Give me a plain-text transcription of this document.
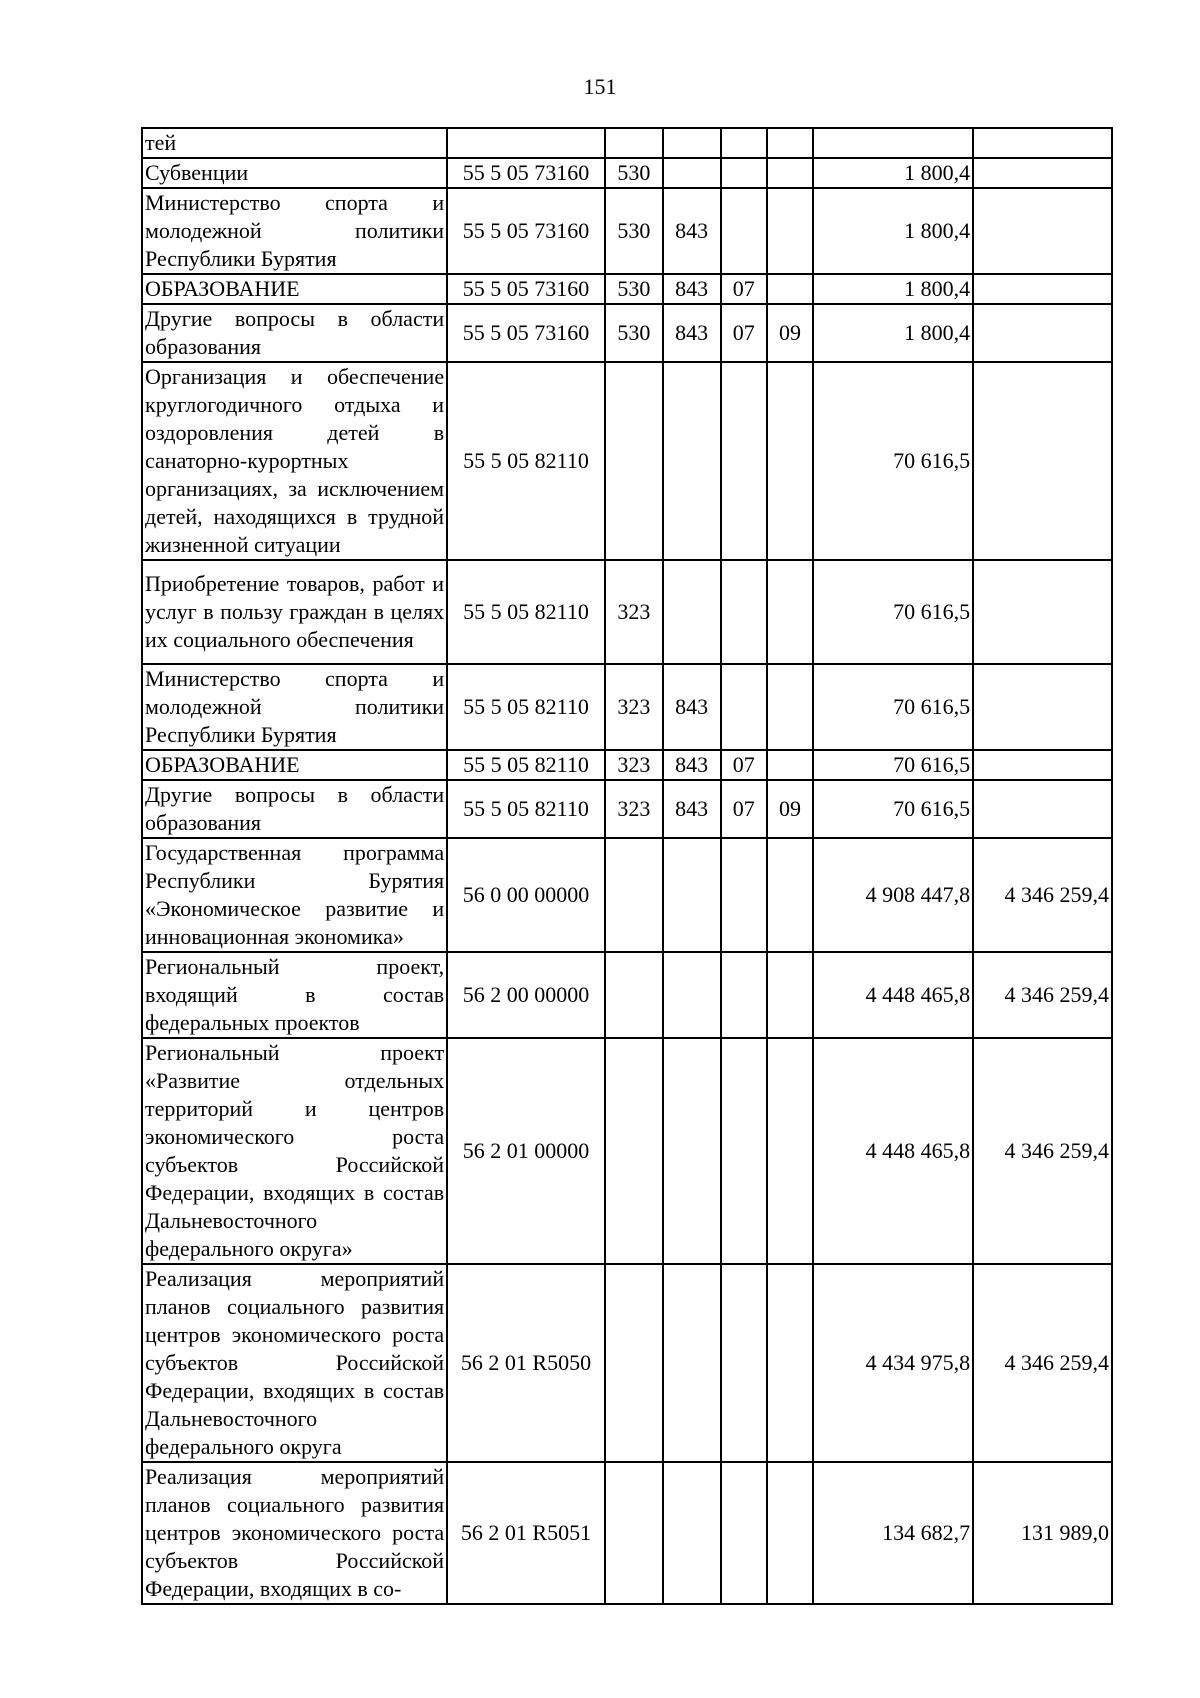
151
тей							
Субвенции	55 5 05 73160	530				1 800,4	
Министерство спорта и молодежной политики Республики Бурятия	55 5 05 73160	530	843			1 800,4	
ОБРАЗОВАНИЕ	55 5 05 73160	530	843	07		1 800,4	
Другие вопросы в области образования	55 5 05 73160	530	843	07	09	1 800,4	
Организация и обеспечение круглогодичного отдыха и оздоровления детей в санаторно-курортных организациях, за исключением детей, находящихся в трудной жизненной ситуации	55 5 05 82110					70 616,5	
Приобретение товаров, работ и услуг в пользу граждан в целях их социального обеспечения	55 5 05 82110	323				70 616,5	
Министерство спорта и молодежной политики Республики Бурятия	55 5 05 82110	323	843			70 616,5	
ОБРАЗОВАНИЕ	55 5 05 82110	323	843	07		70 616,5	
Другие вопросы в области образования	55 5 05 82110	323	843	07	09	70 616,5	
Государственная программа Республики Бурятия «Экономическое развитие и инновационная экономика»	56 0 00 00000					4 908 447,8	4 346 259,4
Региональный проект, входящий в состав федеральных проектов	56 2 00 00000					4 448 465,8	4 346 259,4
Региональный проект «Развитие отдельных территорий и центров экономического роста субъектов Российской Федерации, входящих в состав Дальневосточного федерального округа»	56 2 01 00000					4 448 465,8	4 346 259,4
Реализация мероприятий планов социального развития центров экономического роста субъектов Российской Федерации, входящих в состав Дальневосточного федерального округа	56 2 01 R5050					4 434 975,8	4 346 259,4
Реализация мероприятий планов социального развития центров экономического роста субъектов Российской Федерации, входящих в со-	56 2 01 R5051					134 682,7	131 989,0
